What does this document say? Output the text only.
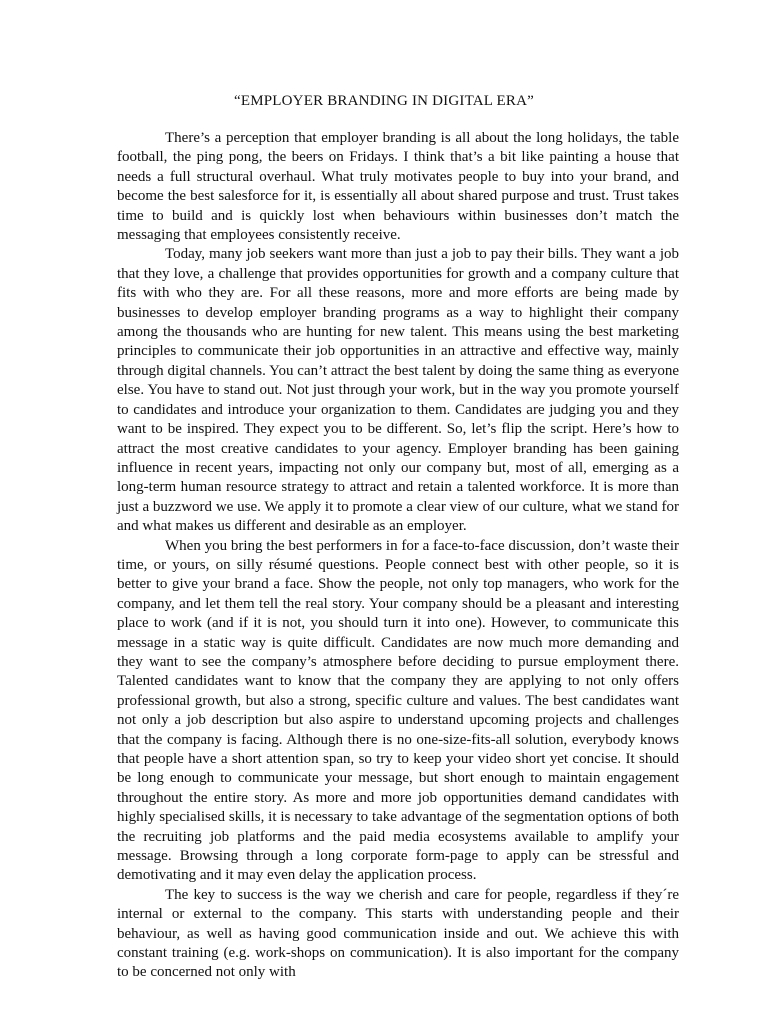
“EMPLOYER BRANDING IN DIGITAL ERA”

There’s a perception that employer branding is all about the long holidays, the table football, the ping pong, the beers on Fridays. I think that’s a bit like painting a house that needs a full structural overhaul. What truly motivates people to buy into your brand, and become the best salesforce for it, is essentially all about shared purpose and trust. Trust takes time to build and is quickly lost when behaviours within businesses don’t match the messaging that employees consistently receive.

Today, many job seekers want more than just a job to pay their bills. They want a job that they love, a challenge that provides opportunities for growth and a company culture that fits with who they are. For all these reasons, more and more efforts are being made by businesses to develop employer branding programs as a way to highlight their company among the thousands who are hunting for new talent. This means using the best marketing principles to communicate their job opportunities in an attractive and effective way, mainly through digital channels. You can’t attract the best talent by doing the same thing as everyone else. You have to stand out. Not just through your work, but in the way you promote yourself to candidates and introduce your organization to them. Candidates are judging you and they want to be inspired. They expect you to be different. So, let’s flip the script. Here’s how to attract the most creative candidates to your agency. Employer branding has been gaining influence in recent years, impacting not only our company but, most of all, emerging as a long-term human resource strategy to attract and retain a talented workforce. It is more than just a buzzword we use. We apply it to promote a clear view of our culture, what we stand for and what makes us different and desirable as an employer.

When you bring the best performers in for a face-to-face discussion, don’t waste their time, or yours, on silly résumé questions. People connect best with other people, so it is better to give your brand a face. Show the people, not only top managers, who work for the company, and let them tell the real story. Your company should be a pleasant and interesting place to work (and if it is not, you should turn it into one). However, to communicate this message in a static way is quite difficult. Candidates are now much more demanding and they want to see the company’s atmosphere before deciding to pursue employment there. Talented candidates want to know that the company they are applying to not only offers professional growth, but also a strong, specific culture and values. The best candidates want not only a job description but also aspire to understand upcoming projects and challenges that the company is facing. Although there is no one-size-fits-all solution, everybody knows that people have a short attention span, so try to keep your video short yet concise. It should be long enough to communicate your message, but short enough to maintain engagement throughout the entire story. As more and more job opportunities demand candidates with highly specialised skills, it is necessary to take advantage of the segmentation options of both the recruiting job platforms and the paid media ecosystems available to amplify your message. Browsing through a long corporate form-page to apply can be stressful and demotivating and it may even delay the application process.

The key to success is the way we cherish and care for people, regardless if they´re internal or external to the company. This starts with understanding people and their behaviour, as well as having good communication inside and out. We achieve this with constant training (e.g. work-shops on communication). It is also important for the company to be concerned not only with
